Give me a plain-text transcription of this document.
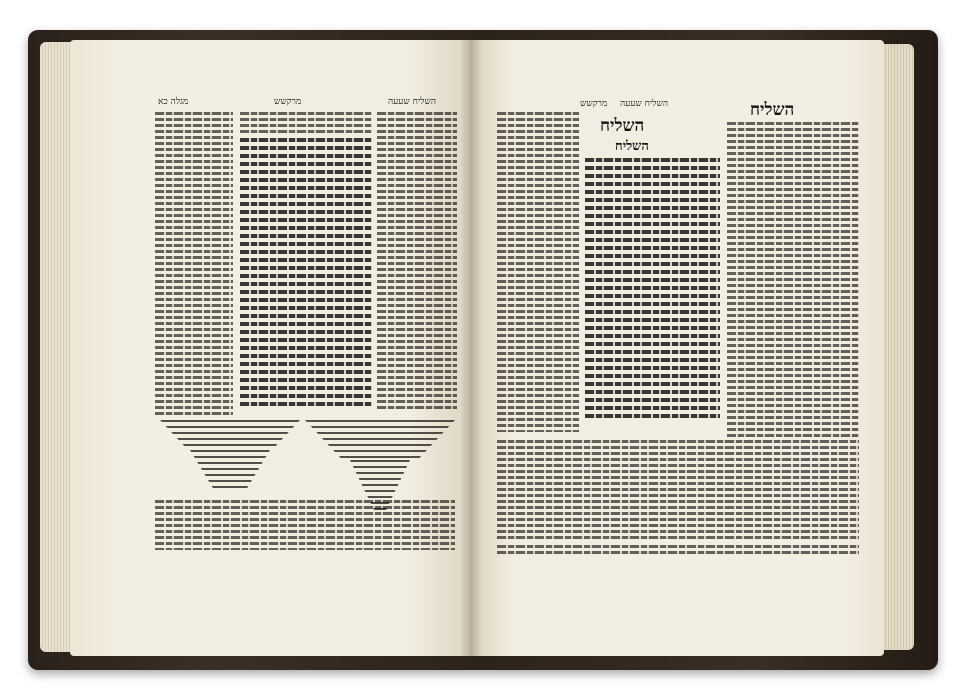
מגלה כא	מרקשש	השליח שעעה	מרקשש השליח שעעה
השליח
השליח
השליח
